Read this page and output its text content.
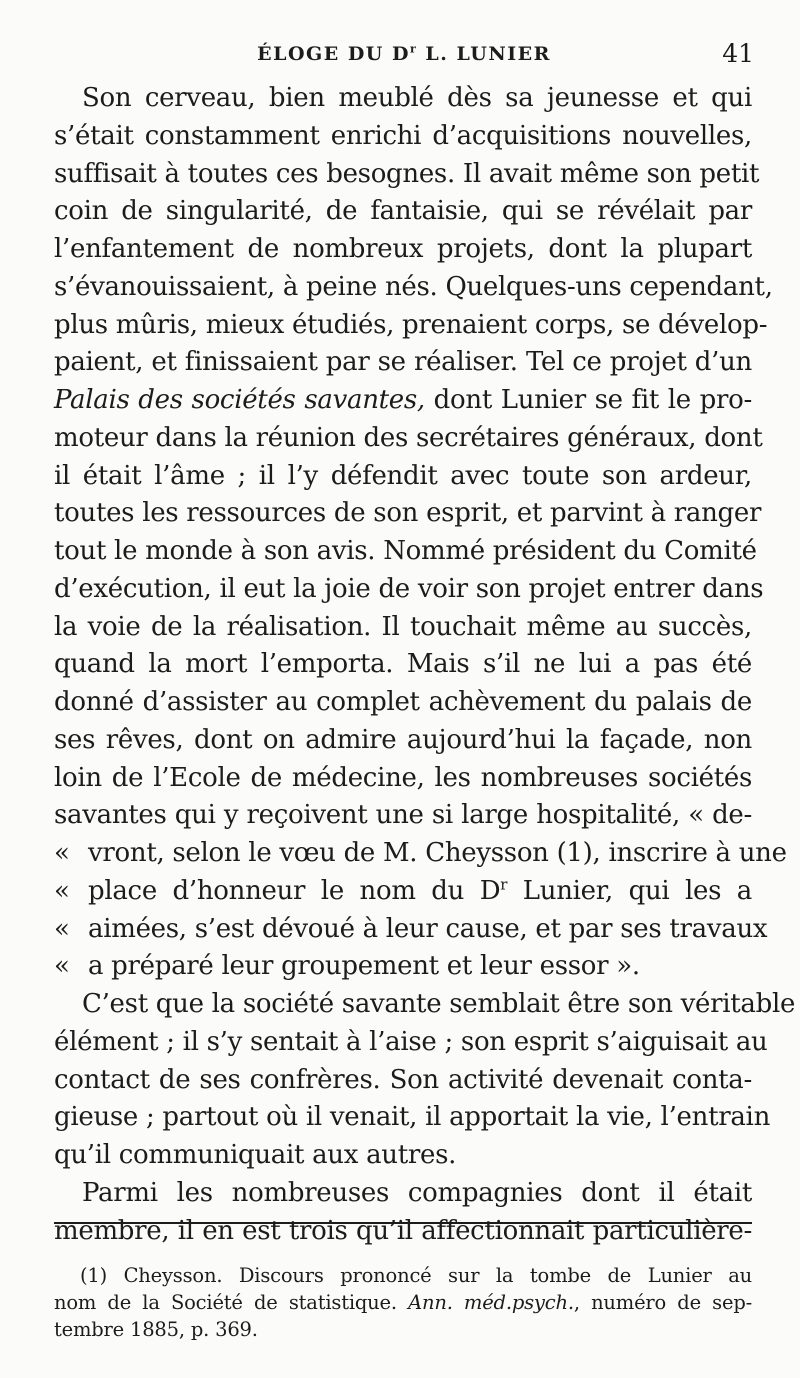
ÉLOGE DU $D^r$ L. LUNIER	41
Son cerveau, bien meublé dès sa jeunesse et qui
s’était constamment enrichi d’acquisitions nouvelles,
suffisait à toutes ces besognes. Il avait même son petit
coin de singularité, de fantaisie, qui se révélait par
l’enfantement de nombreux projets, dont la plupart
s’évanouissaient, à peine nés. Quelques-uns cependant,
plus mûris, mieux étudiés, prenaient corps, se dévelop-
paient, et finissaient par se réaliser. Tel ce projet d’un
Palais des sociétés savantes, dont Lunier se fit le pro-
moteur dans la réunion des secrétaires généraux, dont
il était l’âme ; il l’y défendit avec toute son ardeur,
toutes les ressources de son esprit, et parvint à ranger
tout le monde à son avis. Nommé président du Comité
d’exécution, il eut la joie de voir son projet entrer dans
la voie de la réalisation. Il touchait même au succès,
quand la mort l’emporta. Mais s’il ne lui a pas été
donné d’assister au complet achèvement du palais de
ses rêves, dont on admire aujourd’hui la façade, non
loin de l’Ecole de médecine, les nombreuses sociétés
savantes qui y reçoivent une si large hospitalité, « de-
« vront, selon le vœu de M. Cheysson (1), inscrire à une
« place d’honneur le nom du $D^r$ Lunier, qui les a
« aimées, s’est dévoué à leur cause, et par ses travaux
« a préparé leur groupement et leur essor ».
C’est que la société savante semblait être son véritable
élément ; il s’y sentait à l’aise ; son esprit s’aiguisait au
contact de ses confrères. Son activité devenait conta-
gieuse ; partout où il venait, il apportait la vie, l’entrain
qu’il communiquait aux autres.
Parmi les nombreuses compagnies dont il était
membre, il en est trois qu’il affectionnait particulière-
(1) Cheysson. Discours prononcé sur la tombe de Lunier au
nom de la Société de statistique. Ann. méd.psych., numéro de sep-
tembre 1885, p. 369.
